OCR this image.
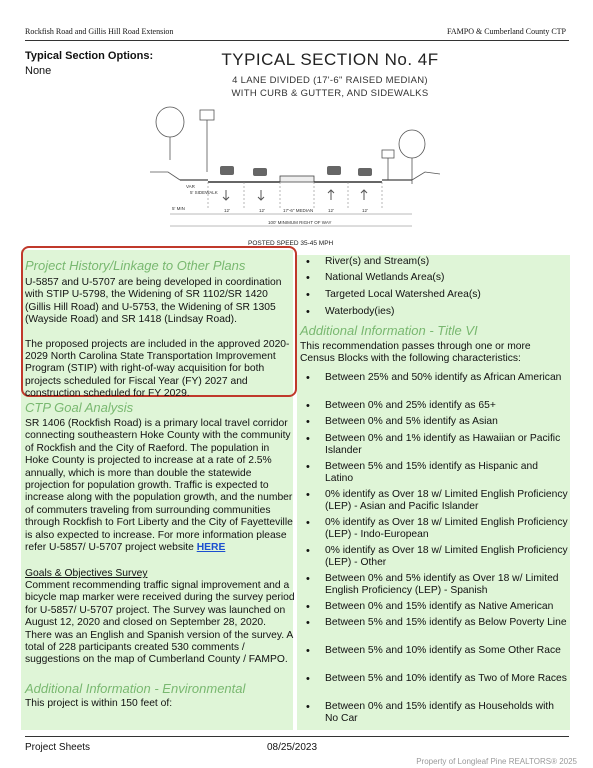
Rockfish Road and Gillis Hill Road Extension	FAMPO & Cumberland County CTP
Typical Section Options:
None
TYPICAL SECTION No. 4F
4 LANE DIVIDED (17'-6" RAISED MEDIAN)
WITH CURB & GUTTER, AND SIDEWALKS
VAR
5' SIDEWALK
12'	12'	17'-6" MEDIAN	12'	12'
5' MIN
100' MINIMUM RIGHT OF WAY
POSTED SPEED 35-45 MPH
Project History/Linkage to Other Plans

U-5857 and U-5707 are being developed in coordination with STIP U-5798, the Widening of SR 1102/SR 1420 (Gillis Hill Road) and U-5753, the Widening of SR 1305 (Wayside Road) and SR 1418 (Lindsay Road).

The proposed projects are included in the approved 2020-2029 North Carolina State Transportation Improvement Program (STIP) with right-of-way acquisition for both projects scheduled for Fiscal Year (FY) 2027 and construction scheduled for FY 2029.

CTP Goal Analysis

SR 1406 (Rockfish Road) is a primary local travel corridor connecting southeastern Hoke County with the community of Rockfish and the City of Raeford. The population in Hoke County is projected to increase at a rate of 2.5% annually, which is more than double the statewide projection for population growth. Traffic is expected to increase along with the population growth, and the number of commuters traveling from surrounding communities through Rockfish to Fort Liberty and the City of Fayetteville is also expected to increase. For more information please refer U-5857/ U-5707 project website HERE

Goals & Objectives Survey
Comment recommending traffic signal improvement and a bicycle map marker were received during the survey period for U-5857/ U-5707 project. The Survey was launched on August 12, 2020 and closed on September 28, 2020. There was an English and Spanish version of the survey. A total of 228 participants created 530 comments / suggestions on the map of Cumberland County / FAMPO.
Additional Information - Environmental
This project is within 150 feet of:
•	River(s) and Stream(s)
•	National Wetlands Area(s)
•	Targeted Local Watershed Area(s)
•	Waterbody(ies)
Additional Information - Title VI
This recommendation passes through one or more Census Blocks with the following characteristics:
•	Between 25% and 50% identify as African American
•	Between 0% and 25% identify as 65+
•	Between 0% and 5% identify as Asian
•	Between 0% and 1% identify as Hawaiian or Pacific Islander
•	Between 5% and 15% identify as Hispanic and Latino
•	0% identify as Over 18 w/ Limited English Proficiency (LEP) - Asian and Pacific Islander
•	0% identify as Over 18 w/ Limited English Proficiency (LEP) - Indo-European
•	0% identify as Over 18 w/ Limited English Proficiency (LEP) - Other
•	Between 0% and 5% identify as Over 18 w/ Limited English Proficiency (LEP) - Spanish
•	Between 0% and 15% identify as Native American
•	Between 5% and 15% identify as Below Poverty Line
•	Between 5% and 10% identify as Some Other Race
•	Between 5% and 10% identify as Two of More Races
•	Between 0% and 15% identify as Households with No Car
Project Sheets	08/25/2023
Property of Longleaf Pine REALTORS® 2025
